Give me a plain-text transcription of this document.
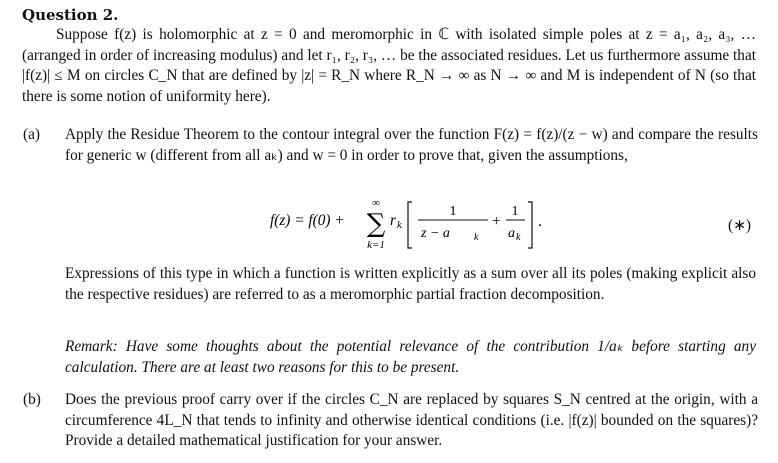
Question 2.
Suppose f(z) is holomorphic at z = 0 and meromorphic in ℂ with isolated simple poles at z = a₁, a₂, a₃, … (arranged in order of increasing modulus) and let r₁, r₂, r₃, … be the associated residues. Let us furthermore assume that |f(z)| ≤ M on circles C_N that are defined by |z| = R_N where R_N → ∞ as N → ∞ and M is independent of N (so that there is some notion of uniformity here).
(a) Apply the Residue Theorem to the contour integral over the function F(z) = f(z)/(z − w) and compare the results for generic w (different from all aₖ) and w = 0 in order to prove that, given the assumptions,
f(z) = f(0) +
∞
∑
k=1
r k
1
z − a k
+
1
a k
.	(∗)
Expressions of this type in which a function is written explicitly as a sum over all its poles (making explicit also the respective residues) are referred to as a meromorphic partial fraction decomposition.
Remark: Have some thoughts about the potential relevance of the contribution 1/aₖ before starting any calculation. There are at least two reasons for this to be present.
(b) Does the previous proof carry over if the circles C_N are replaced by squares S_N centred at the origin, with a circumference 4L_N that tends to infinity and otherwise identical conditions (i.e. |f(z)| bounded on the squares)? Provide a detailed mathematical justification for your answer.
